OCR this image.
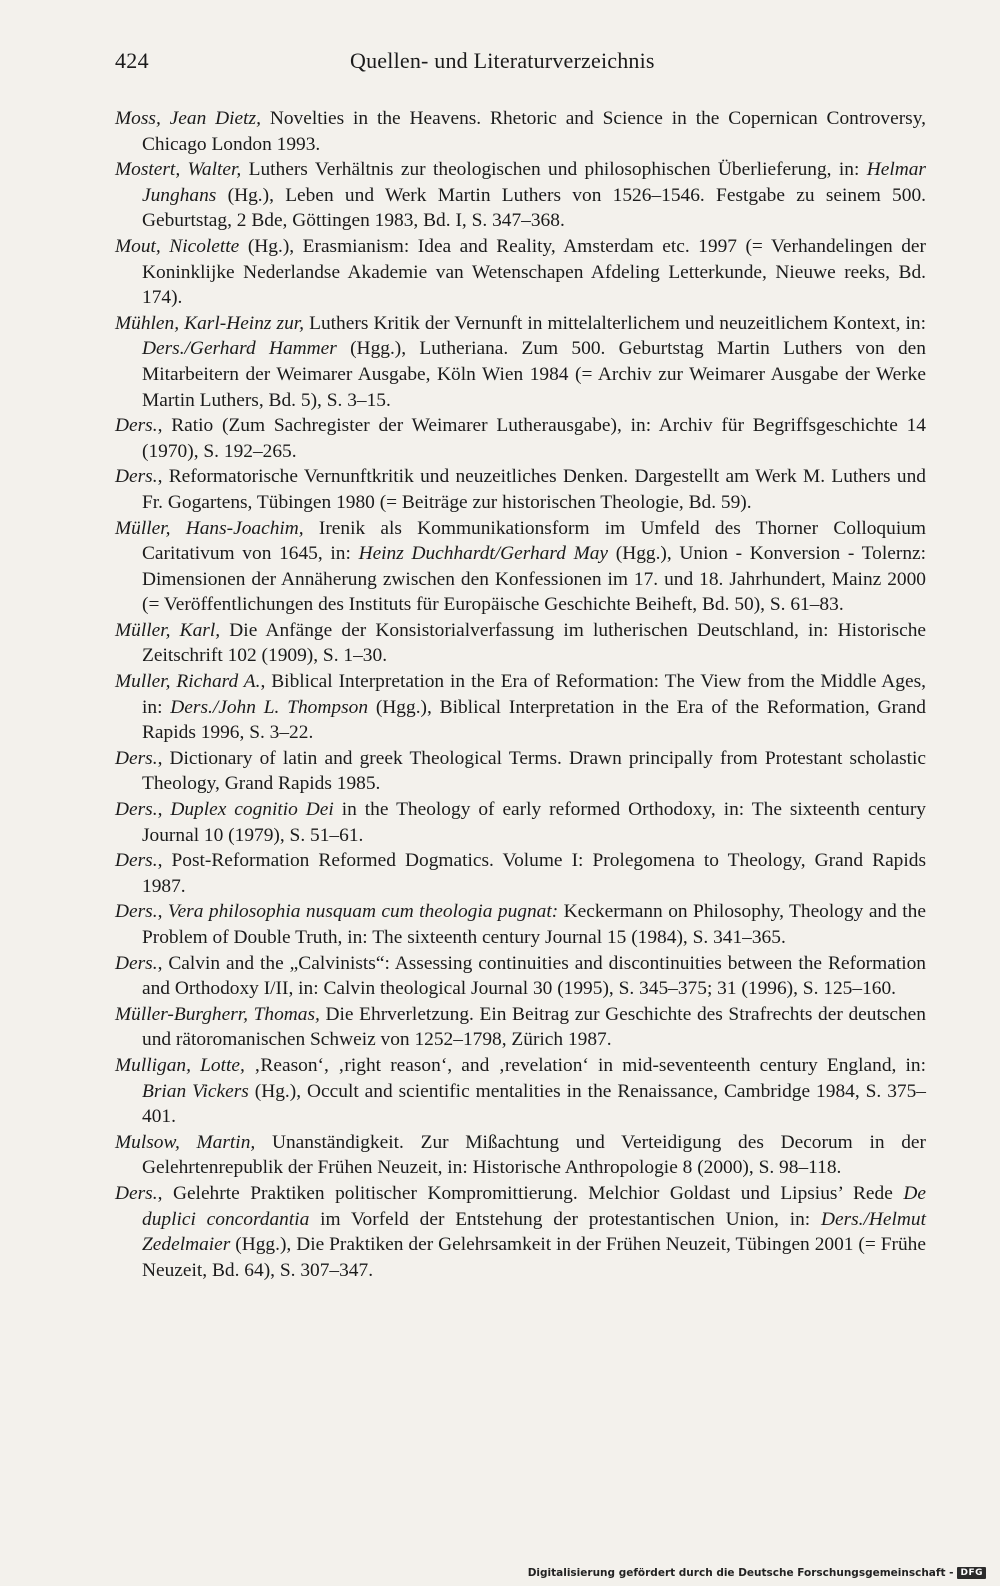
424	Quellen- und Literaturverzeichnis
Moss, Jean Dietz, Novelties in the Heavens. Rhetoric and Science in the Copernican Controversy, Chicago London 1993.
Mostert, Walter, Luthers Verhältnis zur theologischen und philosophischen Überlieferung, in: Helmar Junghans (Hg.), Leben und Werk Martin Luthers von 1526–1546. Festgabe zu seinem 500. Geburtstag, 2 Bde, Göttingen 1983, Bd. I, S. 347–368.
Mout, Nicolette (Hg.), Erasmianism: Idea and Reality, Amsterdam etc. 1997 (= Verhandelingen der Koninklijke Nederlandse Akademie van Wetenschapen Afdeling Letterkunde, Nieuwe reeks, Bd. 174).
Mühlen, Karl-Heinz zur, Luthers Kritik der Vernunft in mittelalterlichem und neuzeitlichem Kontext, in: Ders./Gerhard Hammer (Hgg.), Lutheriana. Zum 500. Geburtstag Martin Luthers von den Mitarbeitern der Weimarer Ausgabe, Köln Wien 1984 (= Archiv zur Weimarer Ausgabe der Werke Martin Luthers, Bd. 5), S. 3–15.
Ders., Ratio (Zum Sachregister der Weimarer Lutherausgabe), in: Archiv für Begriffsgeschichte 14 (1970), S. 192–265.
Ders., Reformatorische Vernunftkritik und neuzeitliches Denken. Dargestellt am Werk M. Luthers und Fr. Gogartens, Tübingen 1980 (= Beiträge zur historischen Theologie, Bd. 59).
Müller, Hans-Joachim, Irenik als Kommunikationsform im Umfeld des Thorner Colloquium Caritativum von 1645, in: Heinz Duchhardt/Gerhard May (Hgg.), Union - Konversion - Tolernz: Dimensionen der Annäherung zwischen den Konfessionen im 17. und 18. Jahrhundert, Mainz 2000 (= Veröffentlichungen des Instituts für Europäische Geschichte Beiheft, Bd. 50), S. 61–83.
Müller, Karl, Die Anfänge der Konsistorialverfassung im lutherischen Deutschland, in: Historische Zeitschrift 102 (1909), S. 1–30.
Muller, Richard A., Biblical Interpretation in the Era of Reformation: The View from the Middle Ages, in: Ders./John L. Thompson (Hgg.), Biblical Interpretation in the Era of the Reformation, Grand Rapids 1996, S. 3–22.
Ders., Dictionary of latin and greek Theological Terms. Drawn principally from Protestant scholastic Theology, Grand Rapids 1985.
Ders., Duplex cognitio Dei in the Theology of early reformed Orthodoxy, in: The sixteenth century Journal 10 (1979), S. 51–61.
Ders., Post-Reformation Reformed Dogmatics. Volume I: Prolegomena to Theology, Grand Rapids 1987.
Ders., Vera philosophia nusquam cum theologia pugnat: Keckermann on Philosophy, Theology and the Problem of Double Truth, in: The sixteenth century Journal 15 (1984), S. 341–365.
Ders., Calvin and the „Calvinists“: Assessing continuities and discontinuities between the Reformation and Orthodoxy I/II, in: Calvin theological Journal 30 (1995), S. 345–375; 31 (1996), S. 125–160.
Müller-Burgherr, Thomas, Die Ehrverletzung. Ein Beitrag zur Geschichte des Strafrechts der deutschen und rätoromanischen Schweiz von 1252–1798, Zürich 1987.
Mulligan, Lotte, ‚Reason‘, ‚right reason‘, and ‚revelation‘ in mid-seventeenth century England, in: Brian Vickers (Hg.), Occult and scientific mentalities in the Renaissance, Cambridge 1984, S. 375–401.
Mulsow, Martin, Unanständigkeit. Zur Mißachtung und Verteidigung des Decorum in der Gelehrtenrepublik der Frühen Neuzeit, in: Historische Anthropologie 8 (2000), S. 98–118.
Ders., Gelehrte Praktiken politischer Kompromittierung. Melchior Goldast und Lipsius’ Rede De duplici concordantia im Vorfeld der Entstehung der protestantischen Union, in: Ders./Helmut Zedelmaier (Hgg.), Die Praktiken der Gelehrsamkeit in der Frühen Neuzeit, Tübingen 2001 (= Frühe Neuzeit, Bd. 64), S. 307–347.
Digitalisierung gefördert durch die Deutsche Forschungsgemeinschaft - DFG
